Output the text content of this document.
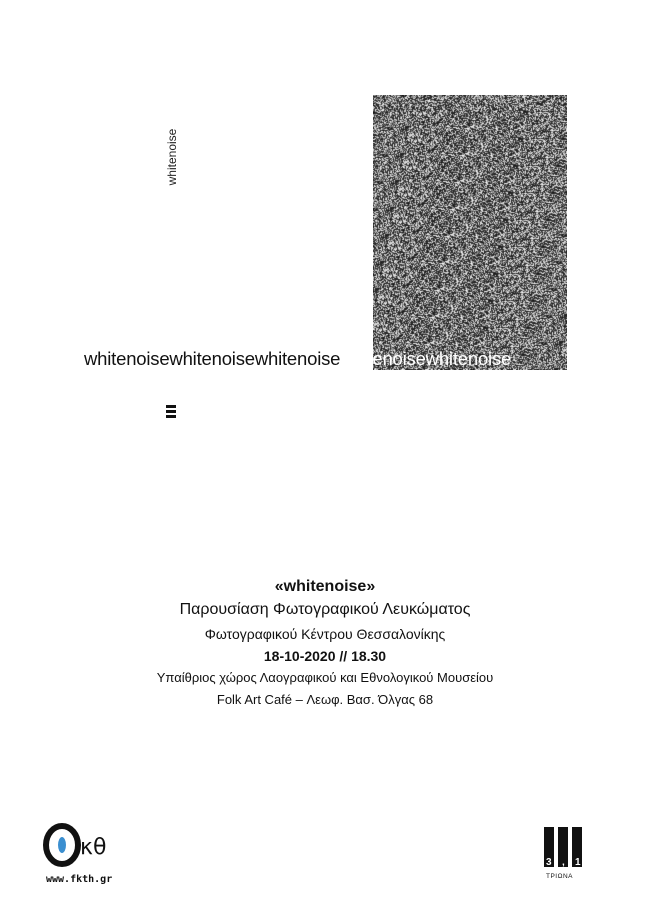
whitenoise
whitenoisewhitenoisewhitenoisewhitenoisewhitenoise
«whitenoise»
Παρουσίαση Φωτογραφικού Λευκώματος
Φωτογραφικού Κέντρου Θεσσαλονίκης
18-10-2020 // 18.30
Υπαίθριος χώρος Λαογραφικού και Εθνολογικού Μουσείου
Folk Art Café – Λεωφ. Βασ. Όλγας 68
κθ
www.fkth.gr
3 , 1
ΤΡΙΩΝΑ
